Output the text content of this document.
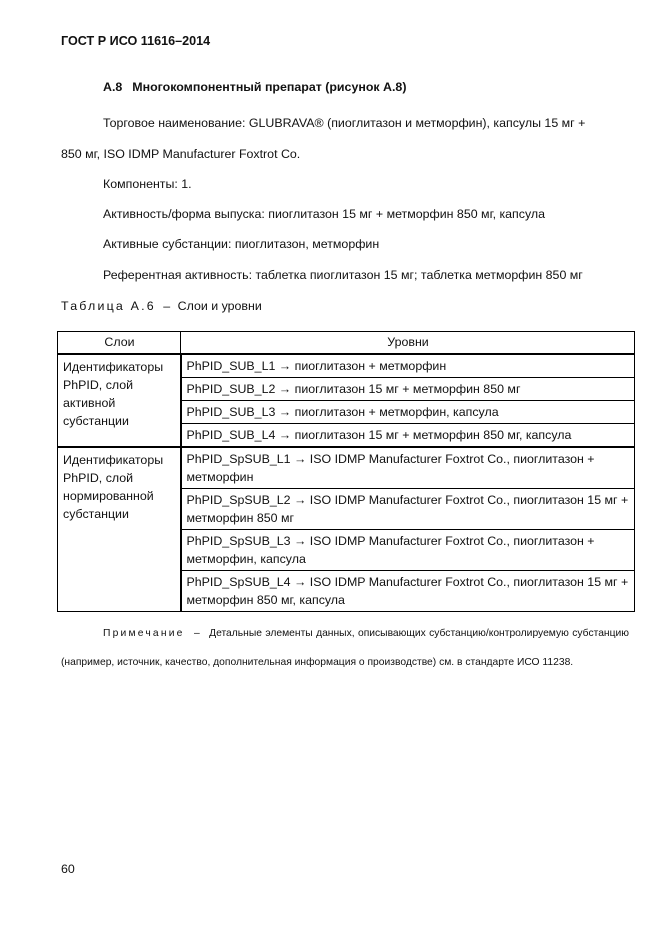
ГОСТ Р ИСО 11616–2014
А.8 Многокомпонентный препарат (рисунок А.8)
Торговое наименование: GLUBRAVA® (пиоглитазон и метморфин), капсулы 15 мг +
850 мг, ISO IDMP Manufacturer Foxtrot Co.
Компоненты: 1.
Активность/форма выпуска: пиоглитазон 15 мг + метморфин 850 мг, капсула
Активные субстанции: пиоглитазон, метморфин
Референтная активность: таблетка пиоглитазон 15 мг; таблетка метморфин 850 мг
Таблица А.6 – Слои и уровни
Слои	Уровни
Идентификаторы PhPID, слой активной субстанции	PhPID_SUB_L1 → пиоглитазон + метморфин
	PhPID_SUB_L2 → пиоглитазон 15 мг + метморфин 850 мг
	PhPID_SUB_L3 → пиоглитазон + метморфин, капсула
	PhPID_SUB_L4 → пиоглитазон 15 мг + метморфин 850 мг, капсула
Идентификаторы PhPID, слой нормированной субстанции	PhPID_SpSUB_L1 → ISO IDMP Manufacturer Foxtrot Co., пиоглитазон + метморфин
	PhPID_SpSUB_L2 → ISO IDMP Manufacturer Foxtrot Co., пиоглитазон 15 мг + метморфин 850 мг
	PhPID_SpSUB_L3 → ISO IDMP Manufacturer Foxtrot Co., пиоглитазон + метморфин, капсула
	PhPID_SpSUB_L4 → ISO IDMP Manufacturer Foxtrot Co., пиоглитазон 15 мг + метморфин 850 мг, капсула
Примечание – Детальные элементы данных, описывающих субстанцию/контролируемую субстанцию (например, источник, качество, дополнительная информация о производстве) см. в стандарте ИСО 11238.
60
